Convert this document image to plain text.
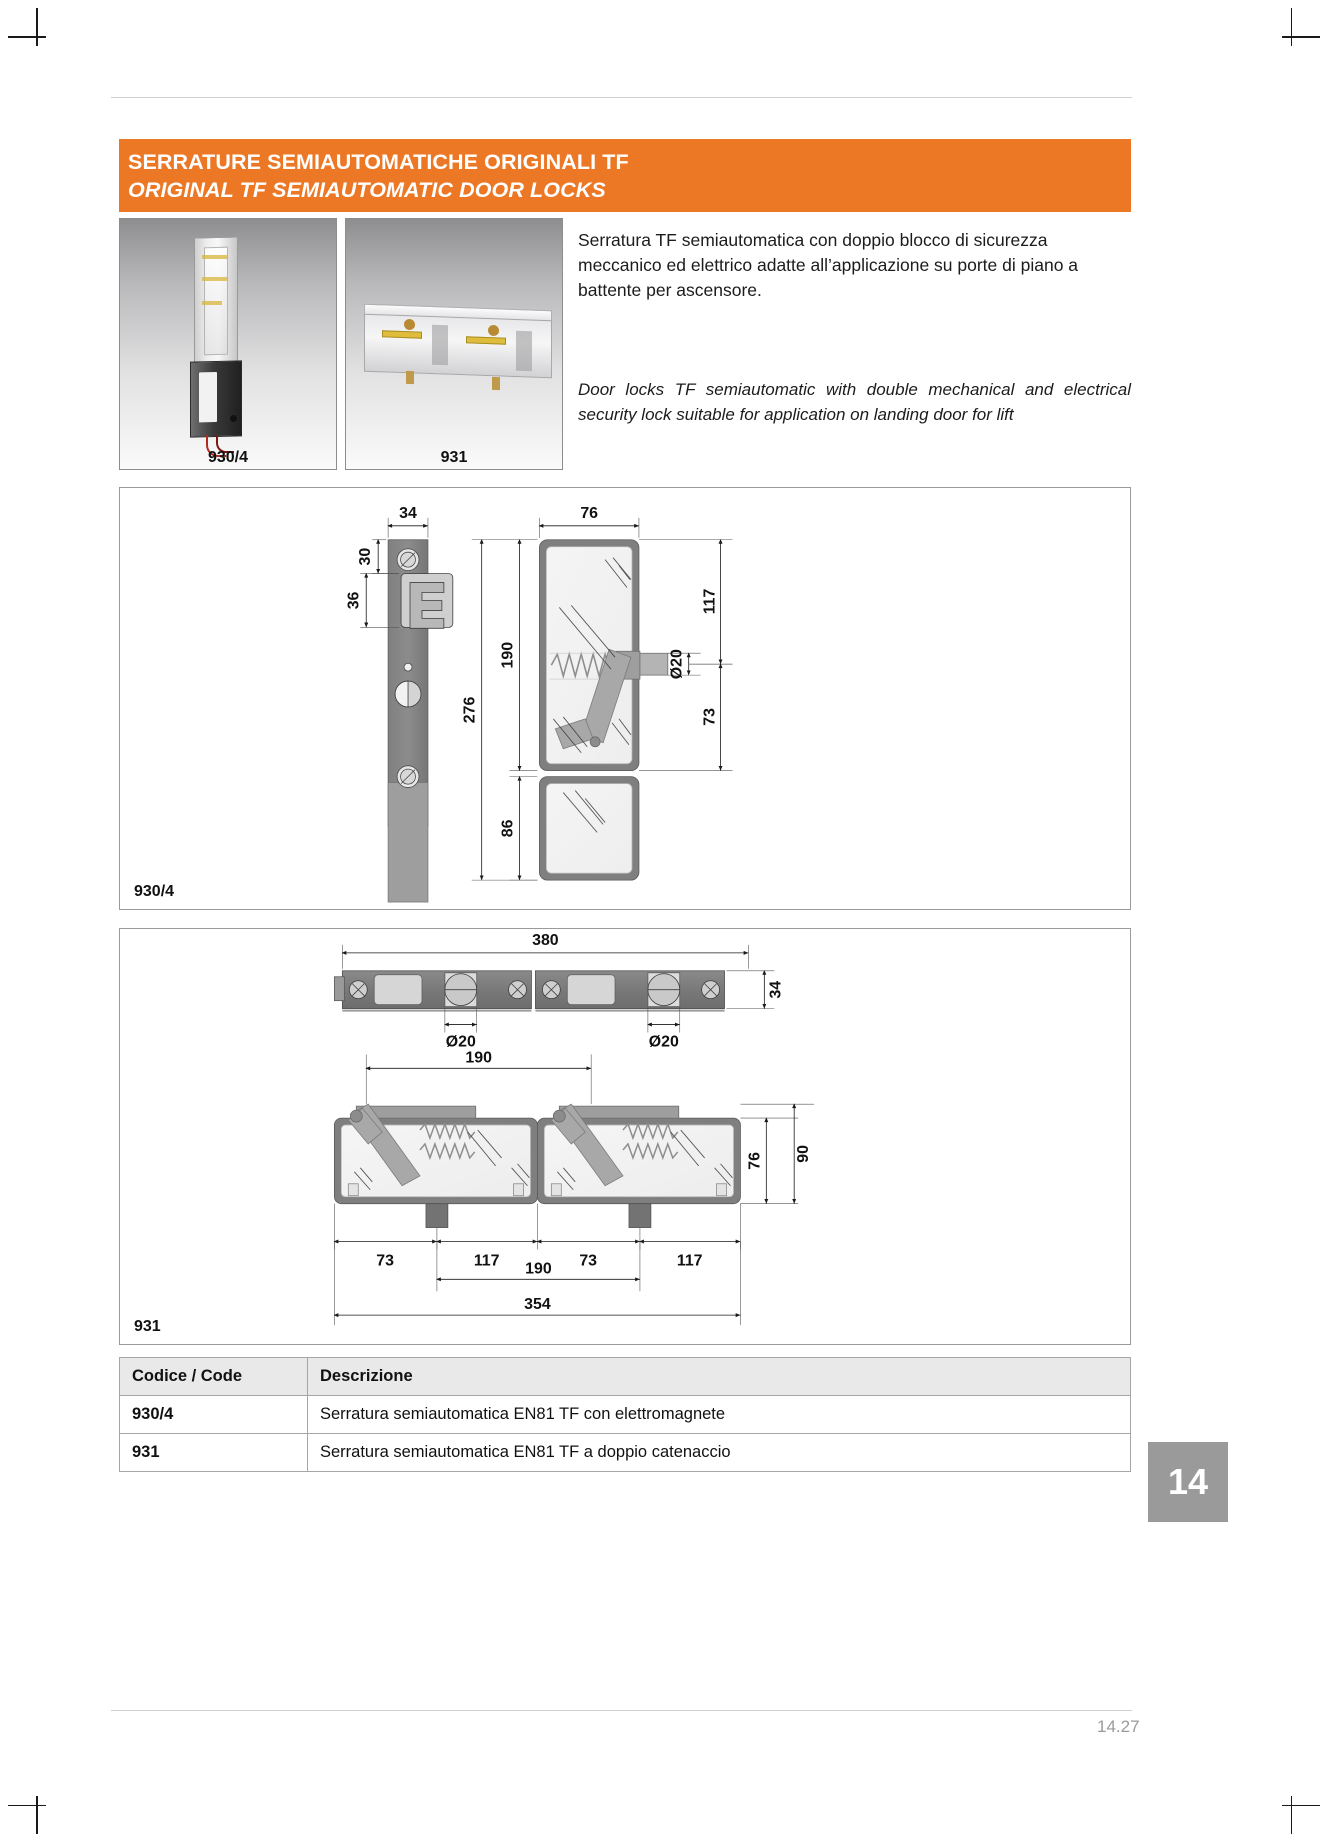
SERRATURE SEMIAUTOMATICHE ORIGINALI TF
ORIGINAL TF SEMIAUTOMATIC DOOR LOCKS
930/4	931
Serratura TF semiautomatica con doppio blocco di sicurezza meccanico ed elettrico adatte all’applicazione su porte di piano a battente per ascensore.
Door locks TF semiautomatic with double mechanical and electrical security lock suitable for application on landing door for lift
34
30
36
76
190
276
86
Ø20
117
73
930/4
380
34
Ø20	Ø20
190
76 90
73	117	73	117
190
354
931
Codice / Code	Descrizione
930/4	Serratura semiautomatica EN81 TF con elettromagnete
931	Serratura semiautomatica EN81 TF a doppio catenaccio
14.27
14
